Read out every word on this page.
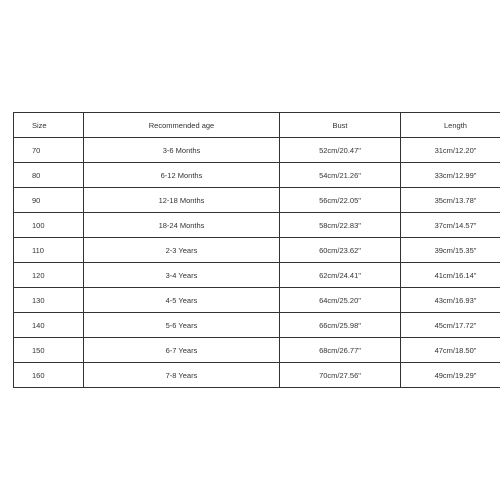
Size	Recommended age	Bust	Length
70	3-6 Months	52cm/20.47"	31cm/12.20"
80	6-12 Months	54cm/21.26"	33cm/12.99"
90	12-18 Months	56cm/22.05"	35cm/13.78"
100	18-24 Months	58cm/22.83"	37cm/14.57"
110	2-3 Years	60cm/23.62"	39cm/15.35"
120	3-4 Years	62cm/24.41"	41cm/16.14"
130	4-5 Years	64cm/25.20"	43cm/16.93"
140	5-6 Years	66cm/25.98"	45cm/17.72"
150	6-7 Years	68cm/26.77"	47cm/18.50"
160	7-8 Years	70cm/27.56"	49cm/19.29"
